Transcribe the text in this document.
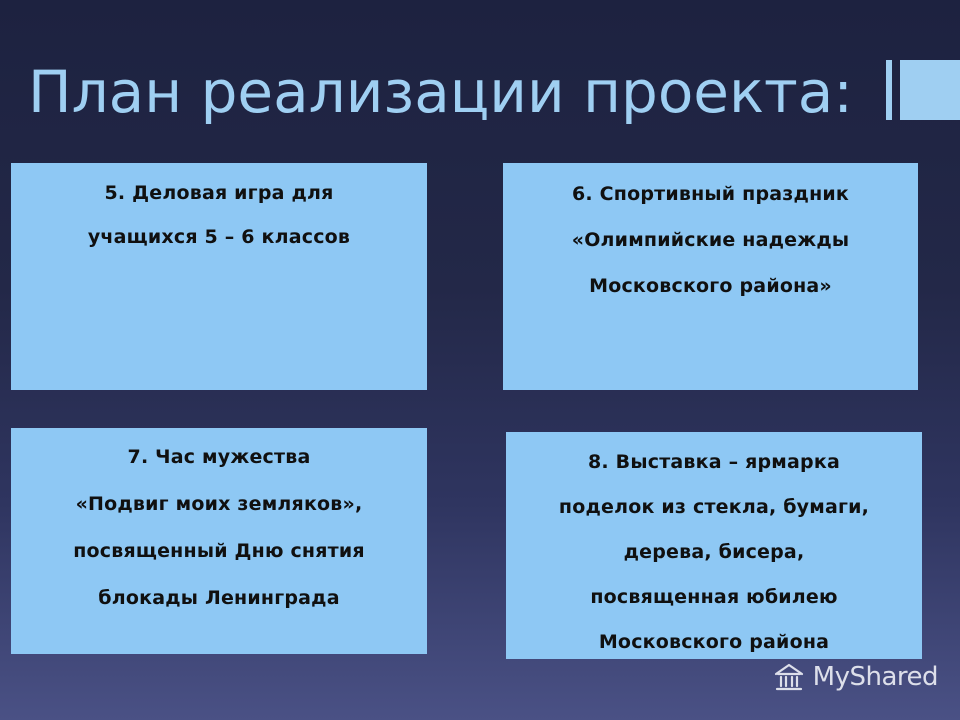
План реализации проекта:
5. Деловая игра для
учащихся 5 – 6 классов
6. Спортивный праздник
«Олимпийские надежды
Московского района»
7. Час мужества
«Подвиг моих земляков»,
посвященный Дню снятия
блокады Ленинграда
8. Выставка – ярмарка
поделок из стекла, бумаги,
дерева, бисера,
посвященная юбилею
Московского района
MyShared
